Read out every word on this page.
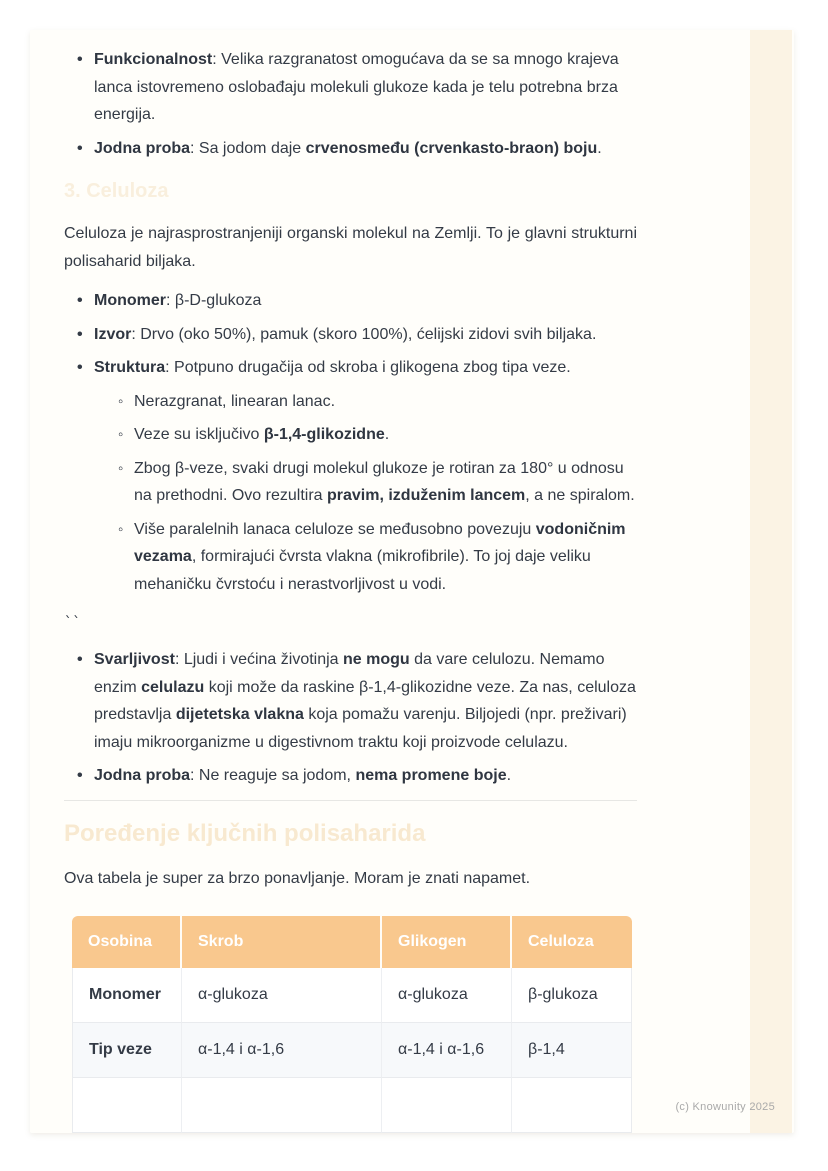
• Funkcionalnost: Velika razgranatost omogućava da se sa mnogo krajeva lanca istovremeno oslobađaju molekuli glukoze kada je telu potrebna brza energija.
• Jodna proba: Sa jodom daje crvenosmeđu (crvenkasto-braon) boju.
3. Celuloza

Celuloza je najrasprostranjeniji organski molekul na Zemlji. To je glavni strukturni polisaharid biljaka.

• Monomer: β-D-glukoza
• Izvor: Drvo (oko 50%), pamuk (skoro 100%), ćelijski zidovi svih biljaka.
• Struktura: Potpuno drugačija od skroba i glikogena zbog tipa veze.
◦ Nerazgranat, linearan lanac.
◦ Veze su isključivo β-1,4-glikozidne.
◦ Zbog β-veze, svaki drugi molekul glukoze je rotiran za 180° u odnosu na prethodni. Ovo rezultira pravim, izduženim lancem, a ne spiralom.
◦ Više paralelnih lanaca celuloze se međusobno povezuju vodoničnim vezama, formirajući čvrsta vlakna (mikrofibrile). To joj daje veliku mehaničku čvrstoću i nerastvorljivost u vodi.
``
• Svarljivost: Ljudi i većina životinja ne mogu da vare celulozu. Nemamo enzim celulazu koji može da raskine β-1,4-glikozidne veze. Za nas, celuloza predstavlja dijetetska vlakna koja pomažu varenju. Biljojedi (npr. preživari) imaju mikroorganizme u digestivnom traktu koji proizvode celulazu.
• Jodna proba: Ne reaguje sa jodom, nema promene boje.
Poređenje ključnih polisaharida

Ova tabela je super za brzo ponavljanje. Moram je znati napamet.

Osobina	Skrob	Glikogen	Celuloza
Monomer	α-glukoza	α-glukoza	β-glukoza
Tip veze	α-1,4 i α-1,6	α-1,4 i α-1,6	β-1,4

(c) Knowunity 2025
